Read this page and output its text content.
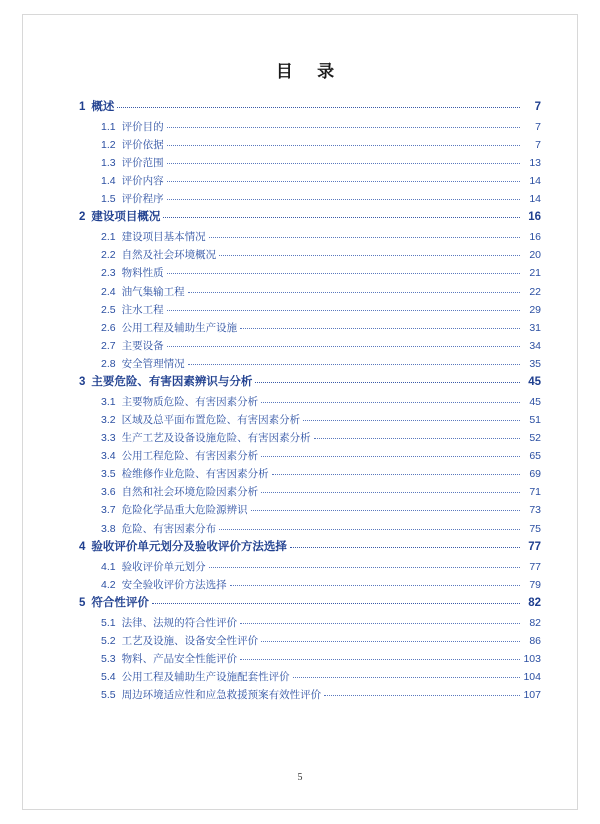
目 录
1 概述	7
1.1 评价目的	7
1.2 评价依据	7
1.3 评价范围	13
1.4 评价内容	14
1.5 评价程序	14
2 建设项目概况	16
2.1 建设项目基本情况	16
2.2 自然及社会环境概况	20
2.3 物料性质	21
2.4 油气集输工程	22
2.5 注水工程	29
2.6 公用工程及辅助生产设施	31
2.7 主要设备	34
2.8 安全管理情况	35
3 主要危险、有害因素辨识与分析	45
3.1 主要物质危险、有害因素分析	45
3.2 区域及总平面布置危险、有害因素分析	51
3.3 生产工艺及设备设施危险、有害因素分析	52
3.4 公用工程危险、有害因素分析	65
3.5 检维修作业危险、有害因素分析	69
3.6 自然和社会环境危险因素分析	71
3.7 危险化学品重大危险源辨识	73
3.8 危险、有害因素分布	75
4 验收评价单元划分及验收评价方法选择	77
4.1 验收评价单元划分	77
4.2 安全验收评价方法选择	79
5 符合性评价	82
5.1 法律、法规的符合性评价	82
5.2 工艺及设施、设备安全性评价	86
5.3 物料、产品安全性能评价	103
5.4 公用工程及辅助生产设施配套性评价	104
5.5 周边环境适应性和应急救援预案有效性评价	107
5
